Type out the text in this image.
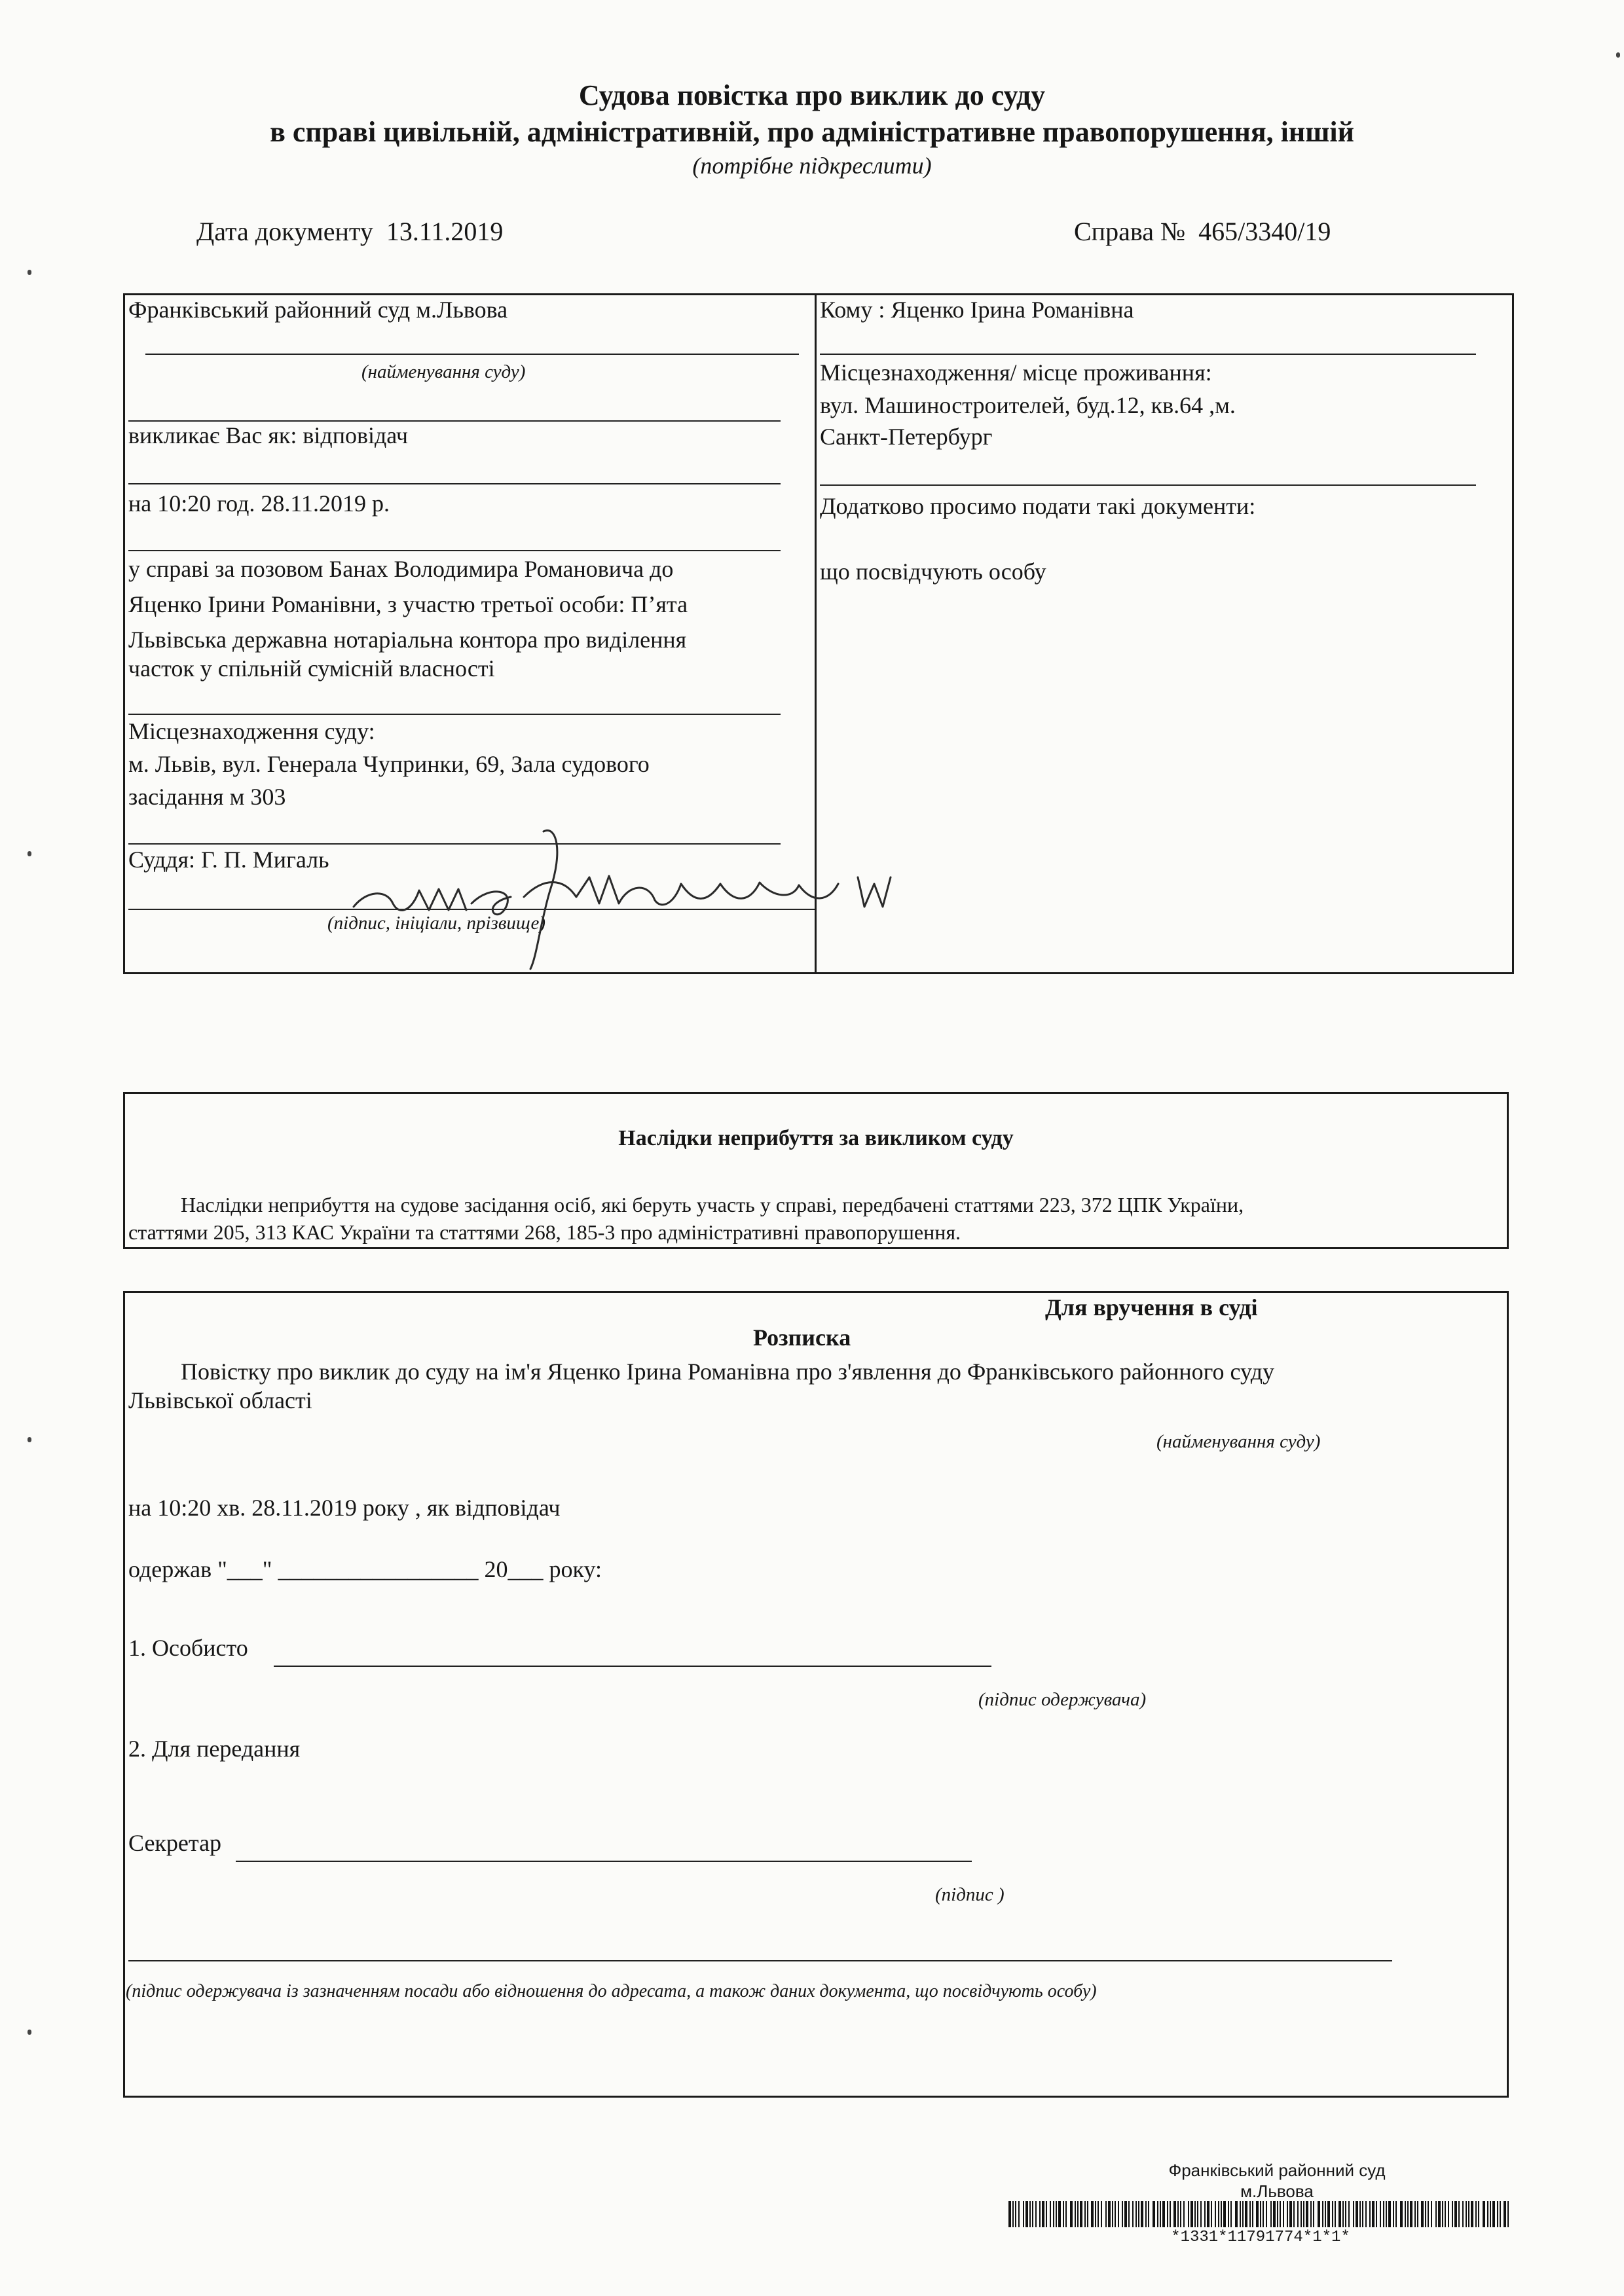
Судова повістка про виклик до суду
в справі цивільній, адміністративній, про адміністративне правопорушення, іншій
(потрібне підкреслити)
Дата документу 13.11.2019	Справа № 465/3340/19
Франківський районний суд м.Львова
(найменування суду)
викликає Вас як: відповідач
на 10:20 год. 28.11.2019 р.
у справі за позовом Банах Володимира Романовича до
Яценко Ірини Романівни, з участю третьої особи: П’ята
Львівська державна нотаріальна контора про виділення
часток у спільній сумісній власності
Місцезнаходження суду:
м. Львів, вул. Генерала Чупринки, 69, Зала судового
засідання м 303
Суддя: Г. П. Мигаль
(підпис, ініціали, прізвище)
Кому : Яценко Ірина Романівна
Місцезнаходження/ місце проживання:
вул. Машиностроителей, буд.12, кв.64 ,м.
Санкт-Петербург
Додатково просимо подати такі документи:
що посвідчують особу
Наслідки неприбуття за викликом суду
Наслідки неприбуття на судове засідання осіб, які беруть участь у справі, передбачені статтями 223, 372 ЦПК України,
статтями 205, 313 КАС України та статтями 268, 185-3 про адміністративні правопорушення.
Для вручення в суді
Розписка
Повістку про виклик до суду на ім'я Яценко Ірина Романівна про з'явлення до Франківського районного суду
Львівської області
(найменування суду)
на 10:20 хв. 28.11.2019 року , як відповідач
одержав "___" _________________ 20___ року:
1. Особисто
(підпис одержувача)
2. Для передання
Секретар
(підпис )
(підпис одержувача із зазначенням посади або відношення до адресата, а також даних документа, що посвідчують особу)
Франківський районний суд
м.Львова
*1331*11791774*1*1*
